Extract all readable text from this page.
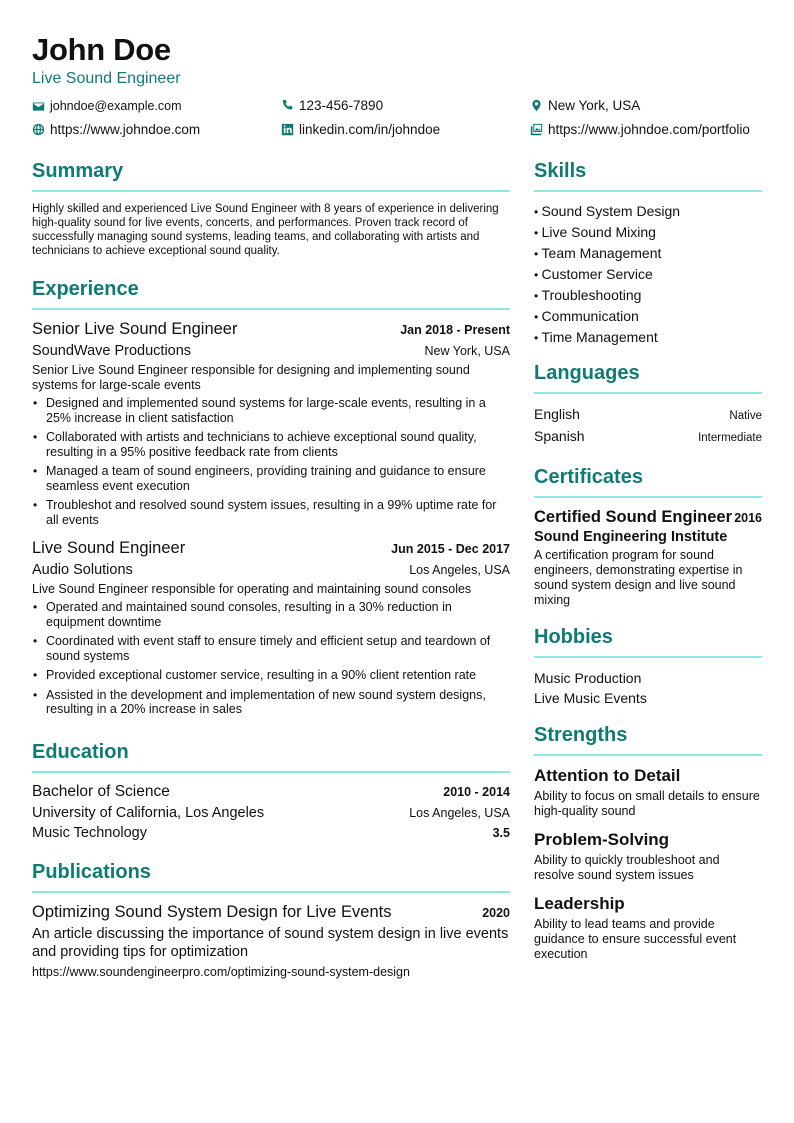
John Doe
Live Sound Engineer
johndoe@example.com	123-456-7890	New York, USA
https://www.johndoe.com	linkedin.com/in/johndoe	https://www.johndoe.com/portfolio
Summary
Highly skilled and experienced Live Sound Engineer with 8 years of experience in delivering high-quality sound for live events, concerts, and performances. Proven track record of successfully managing sound systems, leading teams, and collaborating with artists and technicians to achieve exceptional sound quality.
Experience
Senior Live Sound Engineer	Jan 2018 - Present
SoundWave Productions	New York, USA
Senior Live Sound Engineer responsible for designing and implementing sound systems for large-scale events
• Designed and implemented sound systems for large-scale events, resulting in a 25% increase in client satisfaction
• Collaborated with artists and technicians to achieve exceptional sound quality, resulting in a 95% positive feedback rate from clients
• Managed a team of sound engineers, providing training and guidance to ensure seamless event execution
• Troubleshot and resolved sound system issues, resulting in a 99% uptime rate for all events
Live Sound Engineer	Jun 2015 - Dec 2017
Audio Solutions	Los Angeles, USA
Live Sound Engineer responsible for operating and maintaining sound consoles
• Operated and maintained sound consoles, resulting in a 30% reduction in equipment downtime
• Coordinated with event staff to ensure timely and efficient setup and teardown of sound systems
• Provided exceptional customer service, resulting in a 90% client retention rate
• Assisted in the development and implementation of new sound system designs, resulting in a 20% increase in sales
Education
Bachelor of Science	2010 - 2014
University of California, Los Angeles	Los Angeles, USA
Music Technology	3.5
Publications
Optimizing Sound System Design for Live Events	2020
An article discussing the importance of sound system design in live events and providing tips for optimization
https://www.soundengineerpro.com/optimizing-sound-system-design
Skills
• Sound System Design
• Live Sound Mixing
• Team Management
• Customer Service
• Troubleshooting
• Communication
• Time Management
Languages
English	Native
Spanish	Intermediate
Certificates
Certified Sound Engineer 2016
Sound Engineering Institute
A certification program for sound engineers, demonstrating expertise in sound system design and live sound mixing
Hobbies
Music Production
Live Music Events
Strengths
Attention to Detail
Ability to focus on small details to ensure high-quality sound
Problem-Solving
Ability to quickly troubleshoot and resolve sound system issues
Leadership
Ability to lead teams and provide guidance to ensure successful event execution
